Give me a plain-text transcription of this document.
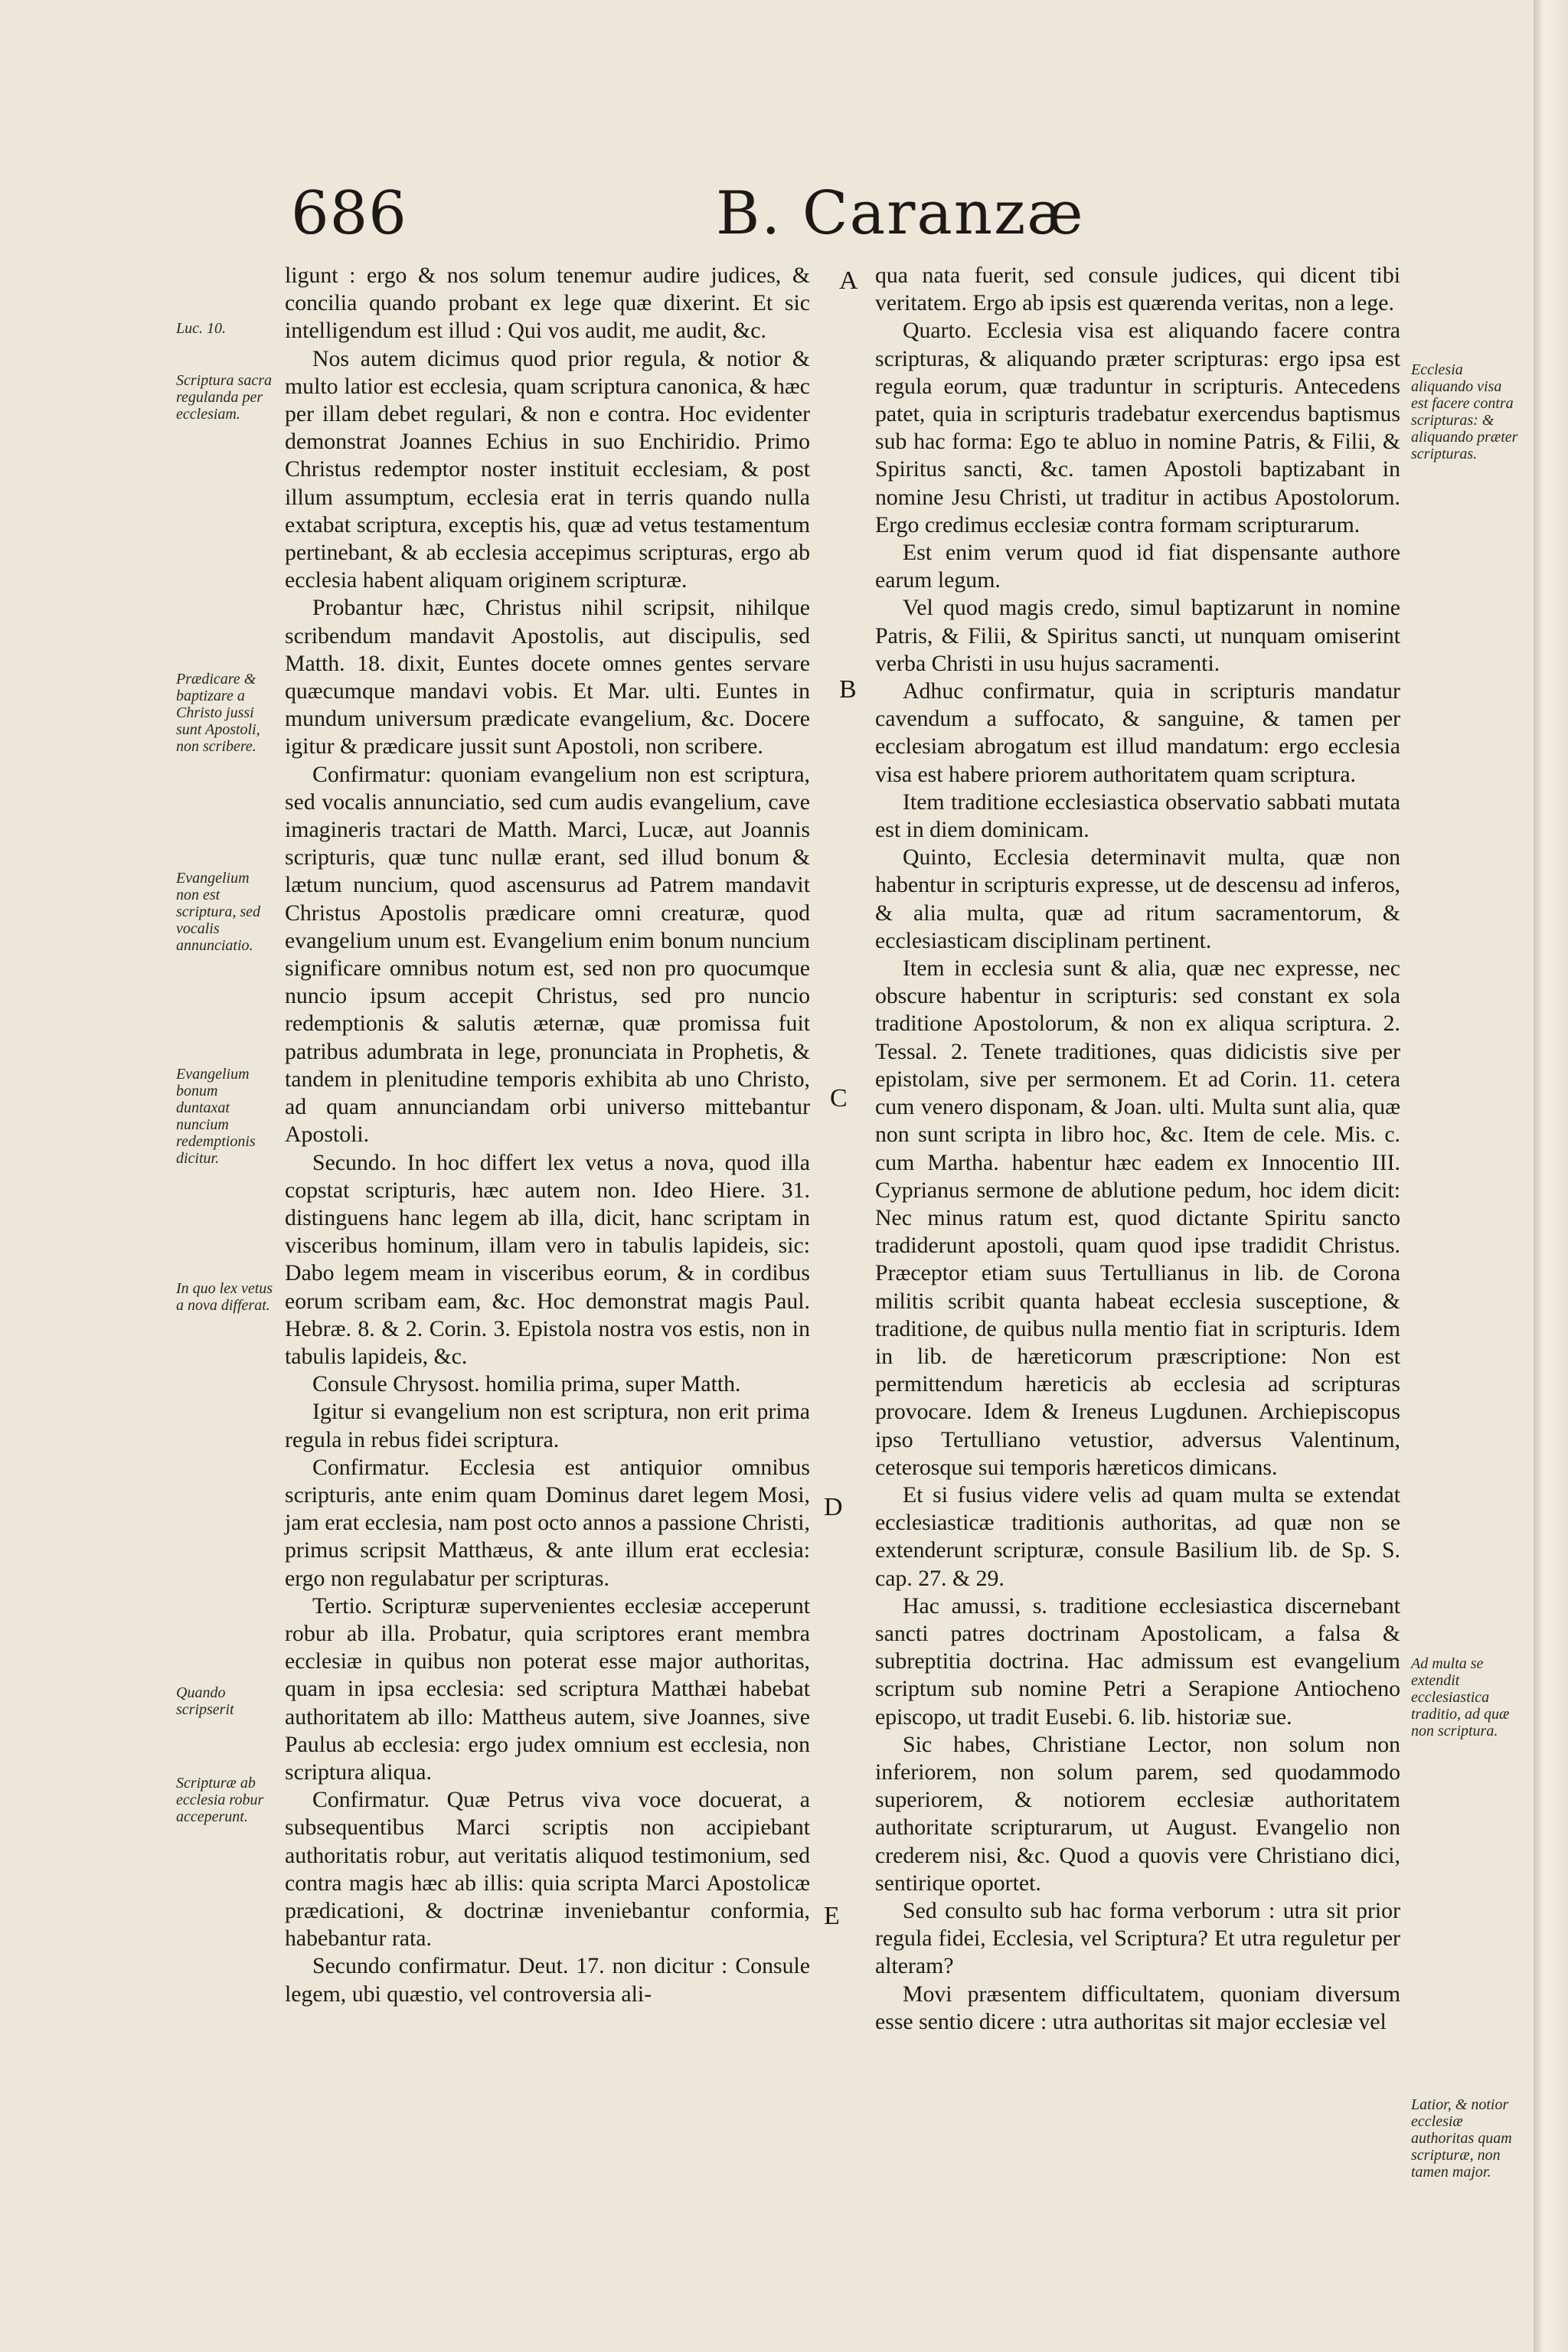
686	B. Caranzæ

ligunt : ergo & nos solum tenemur audire judices, & concilia quando probant ex lege quæ dixerint. Et sic intelligendum est illud : Qui vos audit, me audit, &c.

Nos autem dicimus quod prior regula, & notior & multo latior est ecclesia, quam scriptura canonica, & hæc per illam debet regulari, & non e contra. Hoc evidenter demonstrat Joannes Echius in suo Enchiridio. Primo Christus redemptor noster instituit ecclesiam, & post illum assumptum, ecclesia erat in terris quando nulla extabat scriptura, exceptis his, quæ ad vetus testamentum pertinebant, & ab ecclesia accepimus scripturas, ergo ab ecclesia habent aliquam originem scripturæ.

Probantur hæc, Christus nihil scripsit, nihilque scribendum mandavit Apostolis, aut discipulis, sed Matth. 18. dixit, Euntes docete omnes gentes servare quæcumque mandavi vobis. Et Mar. ulti. Euntes in mundum universum prædicate evangelium, &c. Docere igitur & prædicare jussit sunt Apostoli, non scribere.

Confirmatur: quoniam evangelium non est scriptura, sed vocalis annunciatio, sed cum audis evangelium, cave imagineris tractari de Matth. Marci, Lucæ, aut Joannis scripturis, quæ tunc nullæ erant, sed illud bonum & lætum nuncium, quod ascensurus ad Patrem mandavit Christus Apostolis prædicare omni creaturæ, quod evangelium unum est. Evangelium enim bonum nuncium significare omnibus notum est, sed non pro quocumque nuncio ipsum accepit Christus, sed pro nuncio redemptionis & salutis æternæ, quæ promissa fuit patribus adumbrata in lege, pronunciata in Prophetis, & tandem in plenitudine temporis exhibita ab uno Christo, ad quam annunciandam orbi universo mittebantur Apostoli.

Secundo. In hoc differt lex vetus a nova, quod illa copstat scripturis, hæc autem non. Ideo Hiere. 31. distinguens hanc legem ab illa, dicit, hanc scriptam in visceribus hominum, illam vero in tabulis lapideis, sic: Dabo legem meam in visceribus eorum, & in cordibus eorum scribam eam, &c. Hoc demonstrat magis Paul. Hebræ. 8. & 2. Corin. 3. Epistola nostra vos estis, non in tabulis lapideis, &c.

Consule Chrysost. homilia prima, super Matth.

Igitur si evangelium non est scriptura, non erit prima regula in rebus fidei scriptura.

Confirmatur. Ecclesia est antiquior omnibus scripturis, ante enim quam Dominus daret legem Mosi, jam erat ecclesia, nam post octo annos a passione Christi, primus scripsit Matthæus, & ante illum erat ecclesia: ergo non regulabatur per scripturas.

Tertio. Scripturæ supervenientes ecclesiæ acceperunt robur ab illa. Probatur, quia scriptores erant membra ecclesiæ in quibus non poterat esse major authoritas, quam in ipsa ecclesia: sed scriptura Matthæi habebat authoritatem ab illo: Mattheus autem, sive Joannes, sive Paulus ab ecclesia: ergo judex omnium est ecclesia, non scriptura aliqua.

Confirmatur. Quæ Petrus viva voce docuerat, a subsequentibus Marci scriptis non accipiebant authoritatis robur, aut veritatis aliquod testimonium, sed contra magis hæc ab illis: quia scripta Marci Apostolicæ prædicationi, & doctrinæ inveniebantur conformia, habebantur rata.

Secundo confirmatur. Deut. 17. non dicitur : Consule legem, ubi quæstio, vel controversia ali-

qua nata fuerit, sed consule judices, qui dicent tibi veritatem. Ergo ab ipsis est quærenda veritas, non a lege.

Quarto. Ecclesia visa est aliquando facere contra scripturas, & aliquando præter scripturas: ergo ipsa est regula eorum, quæ traduntur in scripturis. Antecedens patet, quia in scripturis tradebatur exercendus baptismus sub hac forma: Ego te abluo in nomine Patris, & Filii, & Spiritus sancti, &c. tamen Apostoli baptizabant in nomine Jesu Christi, ut traditur in actibus Apostolorum. Ergo credimus ecclesiæ contra formam scripturarum.

Est enim verum quod id fiat dispensante authore earum legum.

Vel quod magis credo, simul baptizarunt in nomine Patris, & Filii, & Spiritus sancti, ut nunquam omiserint verba Christi in usu hujus sacramenti.

Adhuc confirmatur, quia in scripturis mandatur cavendum a suffocato, & sanguine, & tamen per ecclesiam abrogatum est illud mandatum: ergo ecclesia visa est habere priorem authoritatem quam scriptura.

Item traditione ecclesiastica observatio sabbati mutata est in diem dominicam.

Quinto, Ecclesia determinavit multa, quæ non habentur in scripturis expresse, ut de descensu ad inferos, & alia multa, quæ ad ritum sacramentorum, & ecclesiasticam disciplinam pertinent.

Item in ecclesia sunt & alia, quæ nec expresse, nec obscure habentur in scripturis: sed constant ex sola traditione Apostolorum, & non ex aliqua scriptura. 2. Tessal. 2. Tenete traditiones, quas didicistis sive per epistolam, sive per sermonem. Et ad Corin. 11. cetera cum venero disponam, & Joan. ulti. Multa sunt alia, quæ non sunt scripta in libro hoc, &c. Item de cele. Mis. c. cum Martha. habentur hæc eadem ex Innocentio III. Cyprianus sermone de ablutione pedum, hoc idem dicit: Nec minus ratum est, quod dictante Spiritu sancto tradiderunt apostoli, quam quod ipse tradidit Christus. Præceptor etiam suus Tertullianus in lib. de Corona militis scribit quanta habeat ecclesia susceptione, & traditione, de quibus nulla mentio fiat in scripturis. Idem in lib. de hæreticorum præscriptione: Non est permittendum hæreticis ab ecclesia ad scripturas provocare. Idem & Ireneus Lugdunen. Archiepiscopus ipso Tertulliano vetustior, adversus Valentinum, ceterosque sui temporis hæreticos dimicans.

Et si fusius videre velis ad quam multa se extendat ecclesiasticæ traditionis authoritas, ad quæ non se extenderunt scripturæ, consule Basilium lib. de Sp. S. cap. 27. & 29.

Hac amussi, s. traditione ecclesiastica discernebant sancti patres doctrinam Apostolicam, a falsa & subreptitia doctrina. Hac admissum est evangelium scriptum sub nomine Petri a Serapione Antiocheno episcopo, ut tradit Eusebi. 6. lib. historiæ sue.

Sic habes, Christiane Lector, non solum non inferiorem, non solum parem, sed quodammodo superiorem, & notiorem ecclesiæ authoritatem authoritate scripturarum, ut August. Evangelio non crederem nisi, &c. Quod a quovis vere Christiano dici, sentirique oportet.

Sed consulto sub hac forma verborum : utra sit prior regula fidei, Ecclesia, vel Scriptura? Et utra reguletur per alteram?

Movi præsentem difficultatem, quoniam diversum esse sentio dicere : utra authoritas sit major ecclesiæ vel

A
B
C
D
E
Luc. 10.
Scriptura sacra regulanda per ecclesiam.
Prædicare & baptizare a Christo jussi sunt Apostoli, non scribere.
Evangelium non est scriptura, sed vocalis annunciatio.
Evangelium bonum duntaxat nuncium redemptionis dicitur.
In quo lex vetus a nova differat.
Quando scripserit
Scripturæ ab ecclesia robur acceperunt.
Ecclesia aliquando visa est facere contra scripturas: & aliquando præter scripturas.
Ad multa se extendit ecclesiastica traditio, ad quæ non scriptura.
Latior, & notior ecclesiæ authoritas quam scripturæ, non tamen major.
